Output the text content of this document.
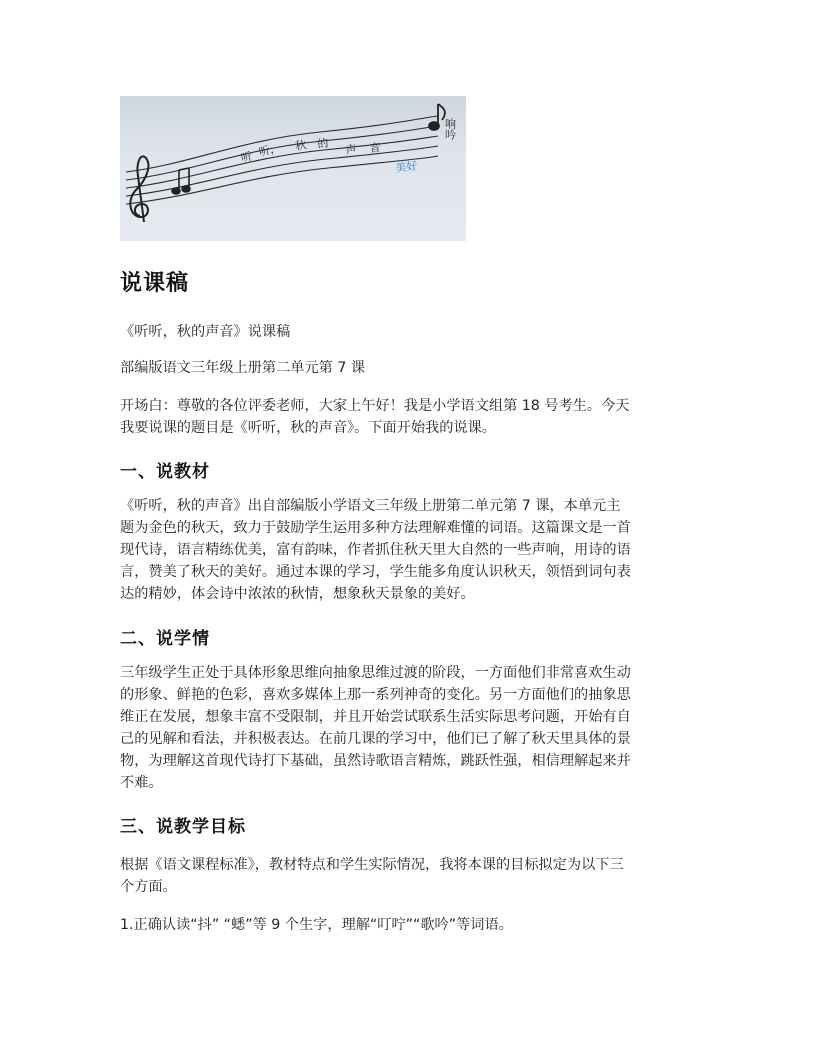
听 听， 秋 的 声 音
响吟
美好
说课稿

《听听，秋的声音》说课稿

部编版语文三年级上册第二单元第 7 课

开场白：尊敬的各位评委老师，大家上午好！我是小学语文组第 18 号考生。今天

我要说课的题目是《听听，秋的声音》。下面开始我的说课。

一、说教材

《听听，秋的声音》出自部编版小学语文三年级上册第二单元第 7 课，本单元主

题为金色的秋天，致力于鼓励学生运用多种方法理解难懂的词语。这篇课文是一首

现代诗，语言精练优美，富有韵味，作者抓住秋天里大自然的一些声响，用诗的语

言，赞美了秋天的美好。通过本课的学习，学生能多角度认识秋天，领悟到词句表

达的精妙，体会诗中浓浓的秋情，想象秋天景象的美好。

二、说学情

三年级学生正处于具体形象思维向抽象思维过渡的阶段，一方面他们非常喜欢生动

的形象、鲜艳的色彩，喜欢多媒体上那一系列神奇的变化。另一方面他们的抽象思

维正在发展，想象丰富不受限制，并且开始尝试联系生活实际思考问题，开始有自

己的见解和看法，并积极表达。在前几课的学习中，他们已了解了秋天里具体的景

物，为理解这首现代诗打下基础，虽然诗歌语言精炼，跳跃性强，相信理解起来并

不难。

三、说教学目标

根据《语文课程标准》，教材特点和学生实际情况，我将本课的目标拟定为以下三

个方面。

1.正确认读“抖” “蟋”等 9 个生字，理解“叮咛”“歌吟”等词语。
